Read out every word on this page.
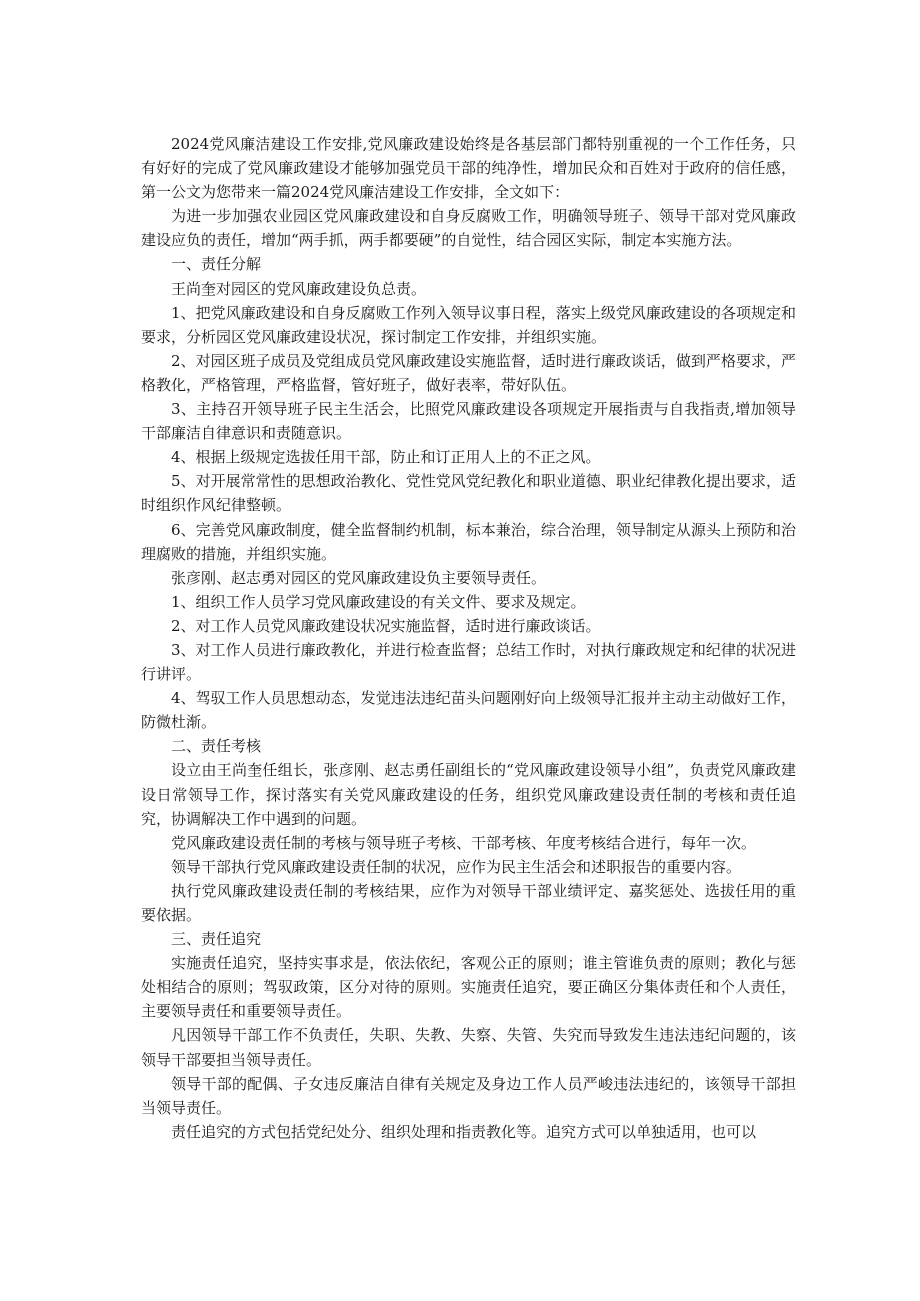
2024党风廉洁建设工作安排,党风廉政建设始终是各基层部门都特别重视的一个工作任务，只有好好的完成了党风廉政建设才能够加强党员干部的纯净性，增加民众和百姓对于政府的信任感，第一公文为您带来一篇2024党风廉洁建设工作安排，全文如下：

为进一步加强农业园区党风廉政建设和自身反腐败工作，明确领导班子、领导干部对党风廉政建设应负的责任，增加“两手抓，两手都要硬”的自觉性，结合园区实际，制定本实施方法。

一、责任分解

王尚奎对园区的党风廉政建设负总责。

1、把党风廉政建设和自身反腐败工作列入领导议事日程，落实上级党风廉政建设的各项规定和要求，分析园区党风廉政建设状况，探讨制定工作安排，并组织实施。

2、对园区班子成员及党组成员党风廉政建设实施监督，适时进行廉政谈话，做到严格要求，严格教化，严格管理，严格监督，管好班子，做好表率，带好队伍。

3、主持召开领导班子民主生活会，比照党风廉政建设各项规定开展指责与自我指责,增加领导干部廉洁自律意识和责随意识。

4、根据上级规定选拔任用干部，防止和订正用人上的不正之风。

5、对开展常常性的思想政治教化、党性党风党纪教化和职业道德、职业纪律教化提出要求，适时组织作风纪律整顿。

6、完善党风廉政制度，健全监督制约机制，标本兼治，综合治理，领导制定从源头上预防和治理腐败的措施，并组织实施。

张彦刚、赵志勇对园区的党风廉政建设负主要领导责任。

1、组织工作人员学习党风廉政建设的有关文件、要求及规定。

2、对工作人员党风廉政建设状况实施监督，适时进行廉政谈话。

3、对工作人员进行廉政教化，并进行检查监督；总结工作时，对执行廉政规定和纪律的状况进行讲评。

4、驾驭工作人员思想动态，发觉违法违纪苗头问题刚好向上级领导汇报并主动主动做好工作，防微杜渐。

二、责任考核

设立由王尚奎任组长，张彦刚、赵志勇任副组长的“党风廉政建设领导小组”，负责党风廉政建设日常领导工作，探讨落实有关党风廉政建设的任务，组织党风廉政建设责任制的考核和责任追究，协调解决工作中遇到的问题。

党风廉政建设责任制的考核与领导班子考核、干部考核、年度考核结合进行，每年一次。

领导干部执行党风廉政建设责任制的状况，应作为民主生活会和述职报告的重要内容。

执行党风廉政建设责任制的考核结果，应作为对领导干部业绩评定、嘉奖惩处、选拔任用的重要依据。

三、责任追究

实施责任追究，坚持实事求是，依法依纪，客观公正的原则；谁主管谁负责的原则；教化与惩处相结合的原则；驾驭政策，区分对待的原则。实施责任追究，要正确区分集体责任和个人责任，主要领导责任和重要领导责任。

凡因领导干部工作不负责任，失职、失教、失察、失管、失究而导致发生违法违纪问题的，该领导干部要担当领导责任。

领导干部的配偶、子女违反廉洁自律有关规定及身边工作人员严峻违法违纪的，该领导干部担当领导责任。

责任追究的方式包括党纪处分、组织处理和指责教化等。追究方式可以单独适用，也可以
